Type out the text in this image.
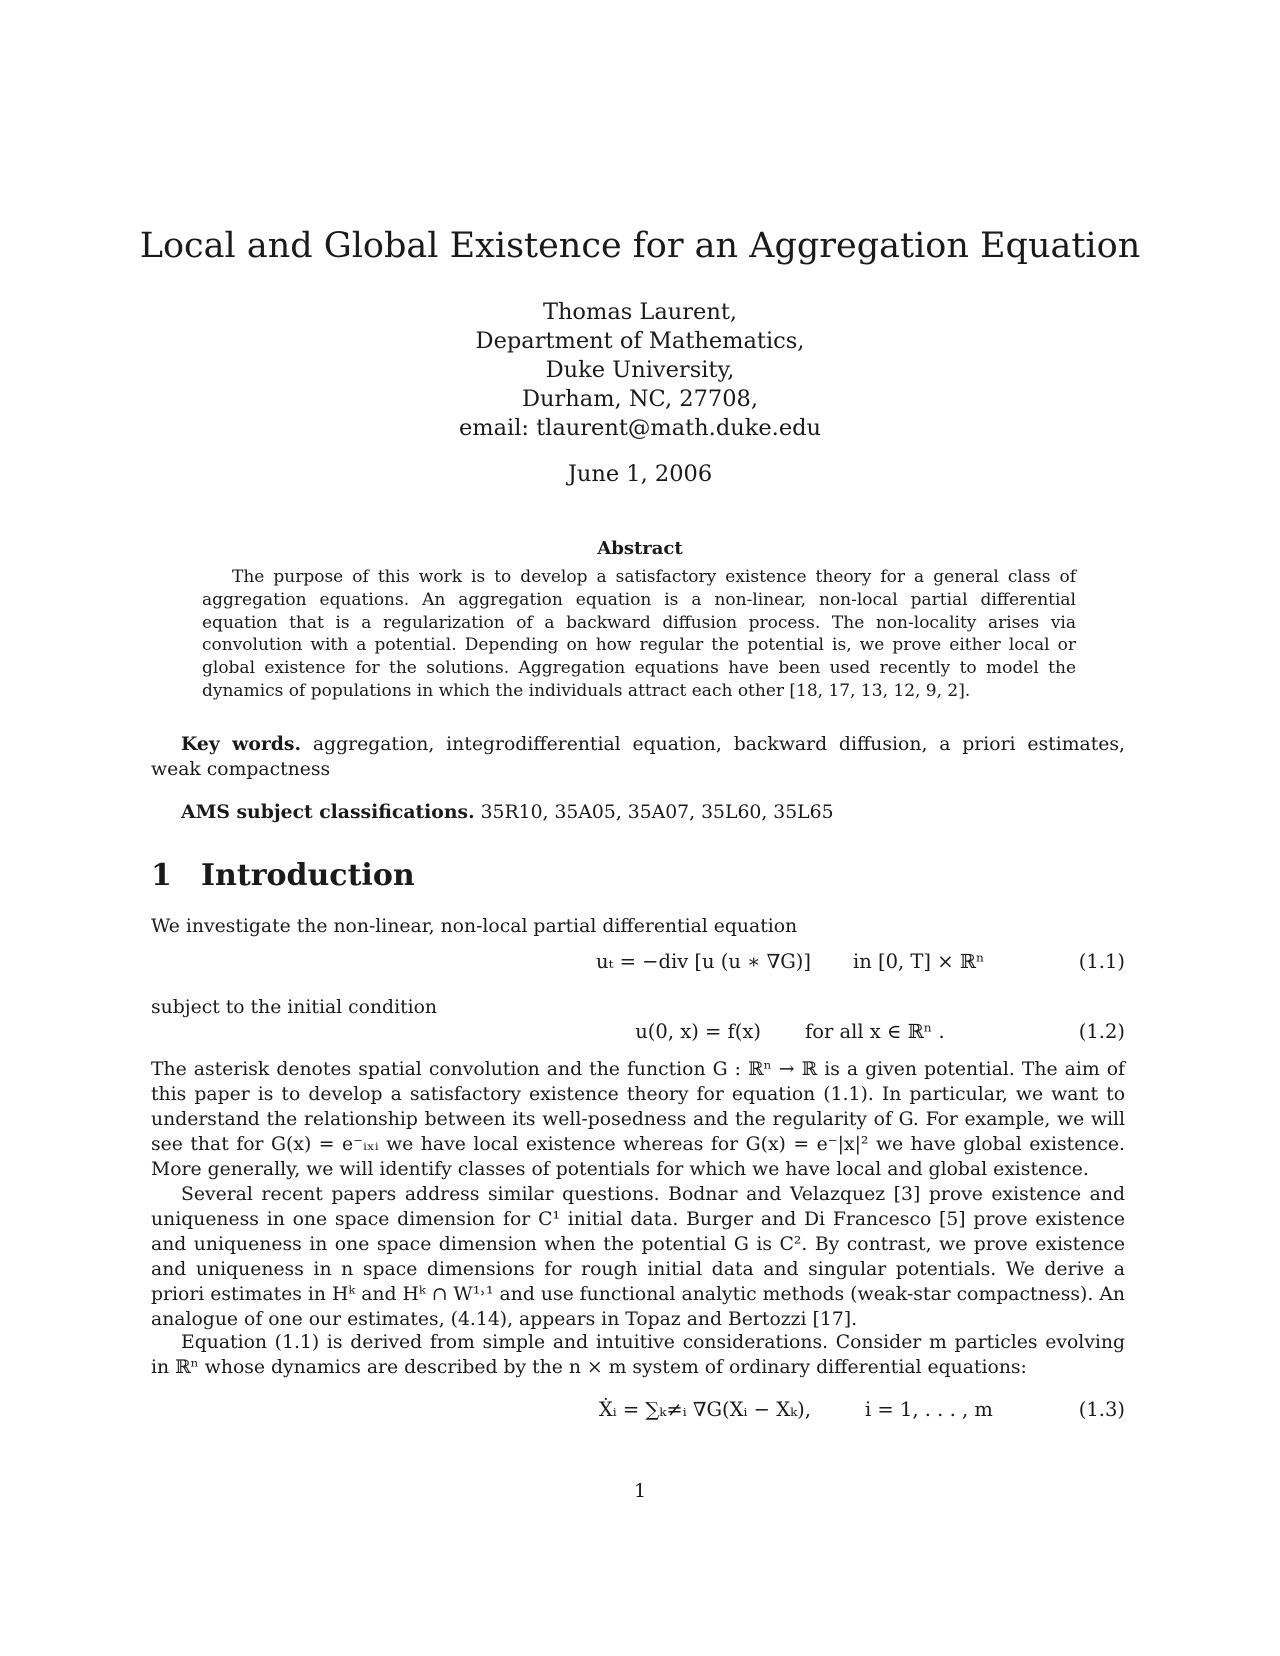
Local and Global Existence for an Aggregation Equation
Thomas Laurent,
Department of Mathematics,
Duke University,
Durham, NC, 27708,
email: tlaurent@math.duke.edu
June 1, 2006
Abstract
The purpose of this work is to develop a satisfactory existence theory for a general class of aggregation equations. An aggregation equation is a non-linear, non-local partial differential equation that is a regularization of a backward diffusion process. The non-locality arises via convolution with a potential. Depending on how regular the potential is, we prove either local or global existence for the solutions. Aggregation equations have been used recently to model the dynamics of populations in which the individuals attract each other [18, 17, 13, 12, 9, 2].
Key words. aggregation, integrodifferential equation, backward diffusion, a priori estimates, weak compactness
AMS subject classifications. 35R10, 35A05, 35A07, 35L60, 35L65
1 Introduction
We investigate the non-linear, non-local partial differential equation
uₜ = −div [u (u ∗ ∇G)] in [0, T] × ℝⁿ	(1.1)
subject to the initial condition
u(0, x) = f(x) for all x ∈ ℝⁿ .	(1.2)
The asterisk denotes spatial convolution and the function G : ℝⁿ → ℝ is a given potential. The aim of this paper is to develop a satisfactory existence theory for equation (1.1). In particular, we want to understand the relationship between its well-posedness and the regularity of G. For example, we will see that for G(x) = e⁻ᵢₓᵢ we have local existence whereas for G(x) = e⁻|x|² we have global existence. More generally, we will identify classes of potentials for which we have local and global existence.
Several recent papers address similar questions. Bodnar and Velazquez [3] prove existence and uniqueness in one space dimension for C¹ initial data. Burger and Di Francesco [5] prove existence and uniqueness in one space dimension when the potential G is C². By contrast, we prove existence and uniqueness in n space dimensions for rough initial data and singular potentials. We derive a priori estimates in Hᵏ and Hᵏ ∩ W¹˒¹ and use functional analytic methods (weak-star compactness). An analogue of one our estimates, (4.14), appears in Topaz and Bertozzi [17].
Equation (1.1) is derived from simple and intuitive considerations. Consider m particles evolving in ℝⁿ whose dynamics are described by the n × m system of ordinary differential equations:
Ẋᵢ = ∑ₖ≠ᵢ ∇G(Xᵢ − Xₖ),	i = 1, . . . , m	(1.3)
1
